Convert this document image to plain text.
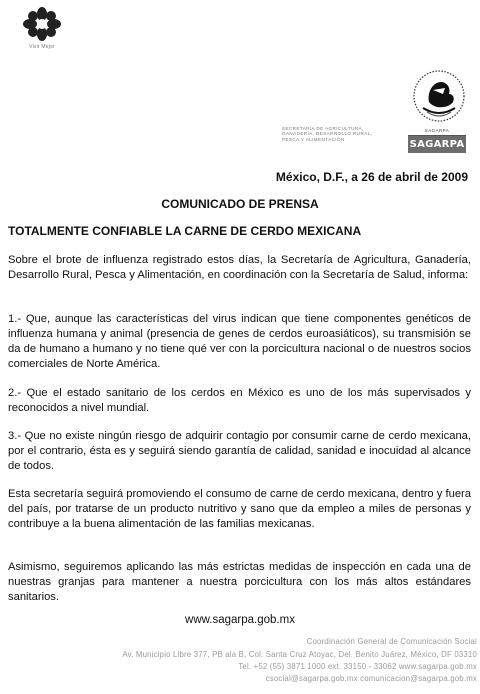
Vivir Mejor
SECRETARÍA DE AGRICULTURA,
GANADERÍA, DESARROLLO RURAL,
PESCA Y ALIMENTACIÓN
SAGARPA
SAGARPA
México, D.F., a 26 de abril de 2009
COMUNICADO DE PRENSA
TOTALMENTE CONFIABLE LA CARNE DE CERDO MEXICANA

Sobre el brote de influenza registrado estos días, la Secretaría de Agricultura, Ganadería, Desarrollo Rural, Pesca y Alimentación, en coordinación con la Secretaría de Salud, informa:

1.- Que, aunque las características del virus indican que tiene componentes genéticos de influenza humana y animal (presencia de genes de cerdos euroasiáticos), su transmisión se da de humano a humano y no tiene qué ver con la porcicultura nacional o de nuestros socios comerciales de Norte América.

2.- Que el estado sanitario de los cerdos en México es uno de los más supervisados y reconocidos a nivel mundial.

3.- Que no existe ningún riesgo de adquirir contagio por consumir carne de cerdo mexicana, por el contrario, ésta es y seguirá siendo garantía de calidad, sanidad e inocuidad al alcance de todos.

Esta secretaría seguirá promoviendo el consumo de carne de cerdo mexicana, dentro y fuera del país, por tratarse de un producto nutritivo y sano que da empleo a miles de personas y contribuye a la buena alimentación de las familias mexicanas.

Asimismo, seguiremos aplicando las más estrictas medidas de inspección en cada una de nuestras granjas para mantener a nuestra porcicultura con los más altos estándares sanitarios.

www.sagarpa.gob.mx
Coordinación General de Comunicación Social
Av. Municipio Libre 377, PB ala B, Col. Santa Cruz Atoyac, Del. Benito Juárez, México, DF 03310
Tel. +52 (55) 3871 1000 ext. 33150 - 33062 www.sagarpa.gob.mx
csocial@sagarpa.gob.mx comunicacion@sagarpa.gob.mx
